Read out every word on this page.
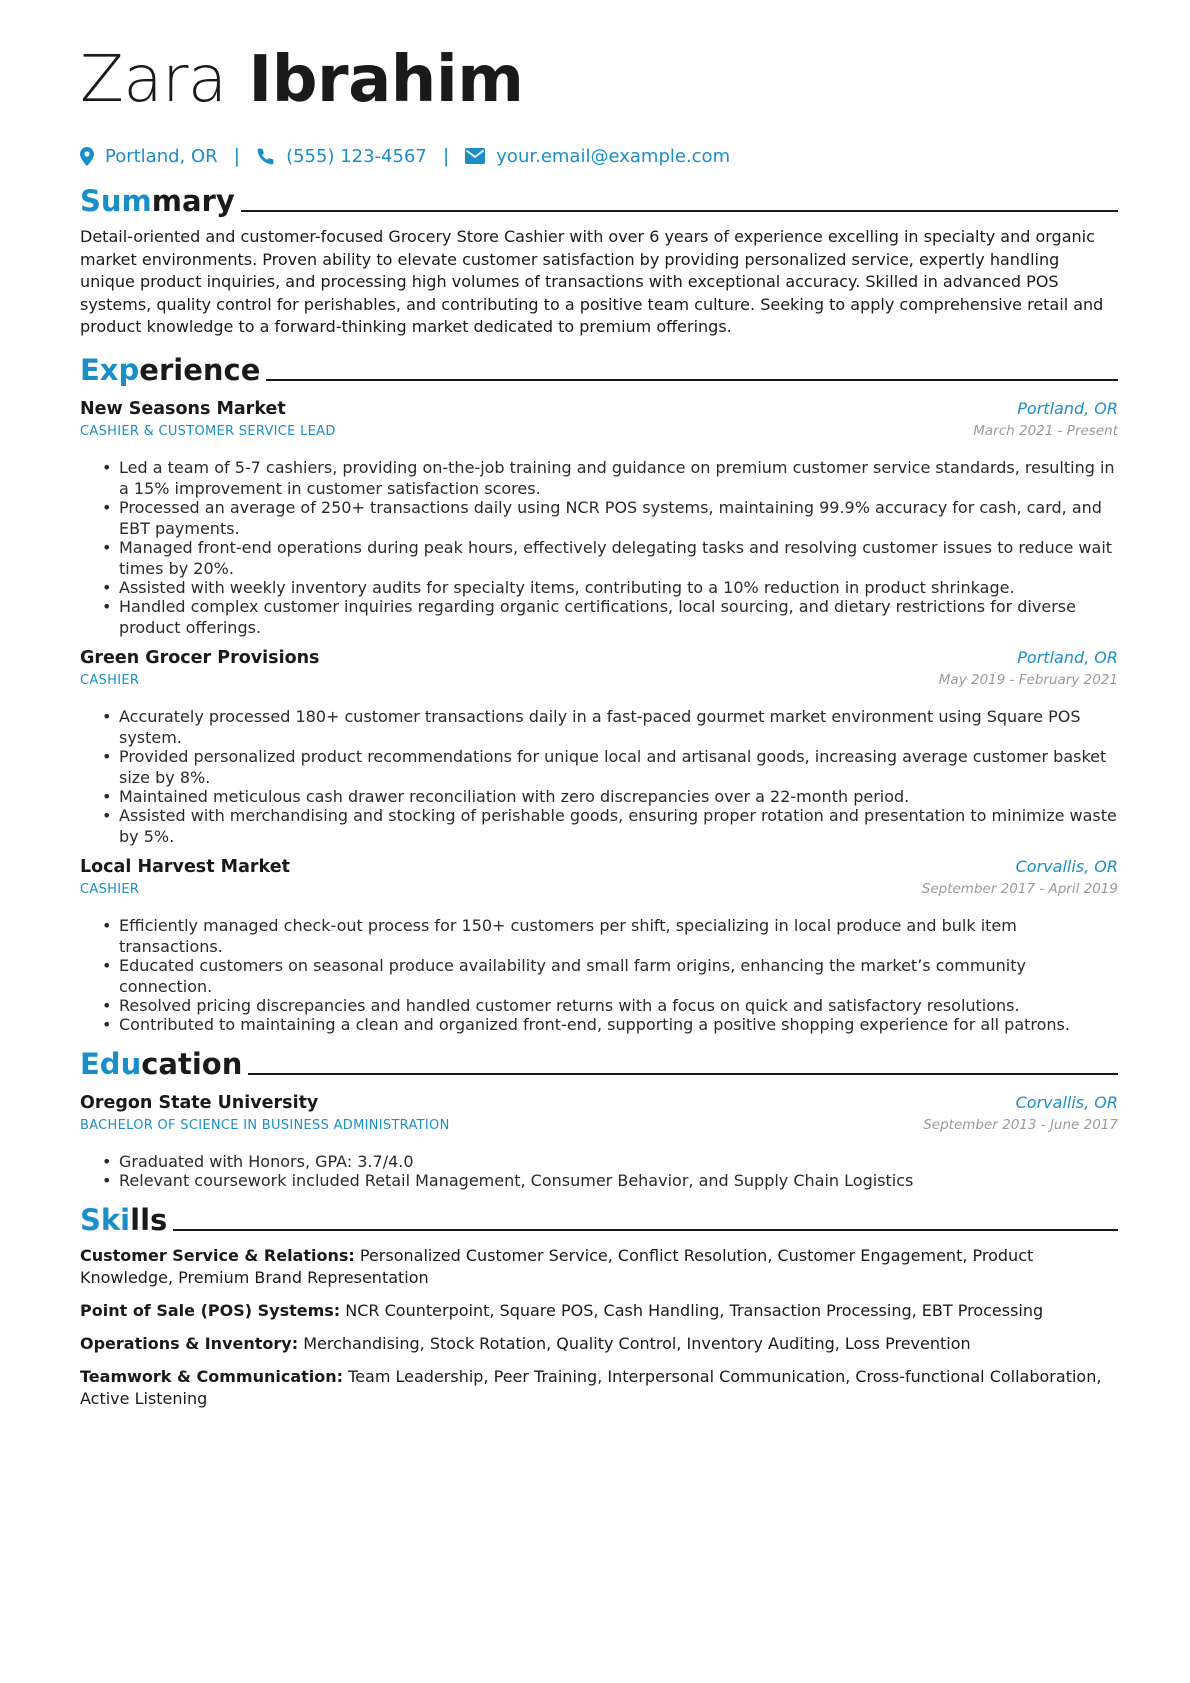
Zara Ibrahim
Portland, OR |	(555) 123-4567 |	your.email@example.com
Summary

Detail-oriented and customer-focused Grocery Store Cashier with over 6 years of experience excelling in specialty and organic market environments. Proven ability to elevate customer satisfaction by providing personalized service, expertly handling unique product inquiries, and processing high volumes of transactions with exceptional accuracy. Skilled in advanced POS systems, quality control for perishables, and contributing to a positive team culture. Seeking to apply comprehensive retail and product knowledge to a forward-thinking market dedicated to premium offerings.

Experience
New Seasons Market	Portland, OR
CASHIER & CUSTOMER SERVICE LEAD	March 2021 - Present
• Led a team of 5-7 cashiers, providing on-the-job training and guidance on premium customer service standards, resulting in a 15% improvement in customer satisfaction scores.
• Processed an average of 250+ transactions daily using NCR POS systems, maintaining 99.9% accuracy for cash, card, and EBT payments.
• Managed front-end operations during peak hours, effectively delegating tasks and resolving customer issues to reduce wait times by 20%.
• Assisted with weekly inventory audits for specialty items, contributing to a 10% reduction in product shrinkage.
• Handled complex customer inquiries regarding organic certifications, local sourcing, and dietary restrictions for diverse product offerings.
Green Grocer Provisions	Portland, OR
CASHIER	May 2019 - February 2021
• Accurately processed 180+ customer transactions daily in a fast-paced gourmet market environment using Square POS system.
• Provided personalized product recommendations for unique local and artisanal goods, increasing average customer basket size by 8%.
• Maintained meticulous cash drawer reconciliation with zero discrepancies over a 22-month period.
• Assisted with merchandising and stocking of perishable goods, ensuring proper rotation and presentation to minimize waste by 5%.
Local Harvest Market	Corvallis, OR
CASHIER	September 2017 - April 2019
• Efficiently managed check-out process for 150+ customers per shift, specializing in local produce and bulk item transactions.
• Educated customers on seasonal produce availability and small farm origins, enhancing the market’s community connection.
• Resolved pricing discrepancies and handled customer returns with a focus on quick and satisfactory resolutions.
• Contributed to maintaining a clean and organized front-end, supporting a positive shopping experience for all patrons.
Education
Oregon State University	Corvallis, OR
BACHELOR OF SCIENCE IN BUSINESS ADMINISTRATION	September 2013 - June 2017
• Graduated with Honors, GPA: 3.7/4.0
• Relevant coursework included Retail Management, Consumer Behavior, and Supply Chain Logistics
Skills
Customer Service & Relations: Personalized Customer Service, Conflict Resolution, Customer Engagement, Product Knowledge, Premium Brand Representation
Point of Sale (POS) Systems: NCR Counterpoint, Square POS, Cash Handling, Transaction Processing, EBT Processing
Operations & Inventory: Merchandising, Stock Rotation, Quality Control, Inventory Auditing, Loss Prevention
Teamwork & Communication: Team Leadership, Peer Training, Interpersonal Communication, Cross-functional Collaboration, Active Listening
